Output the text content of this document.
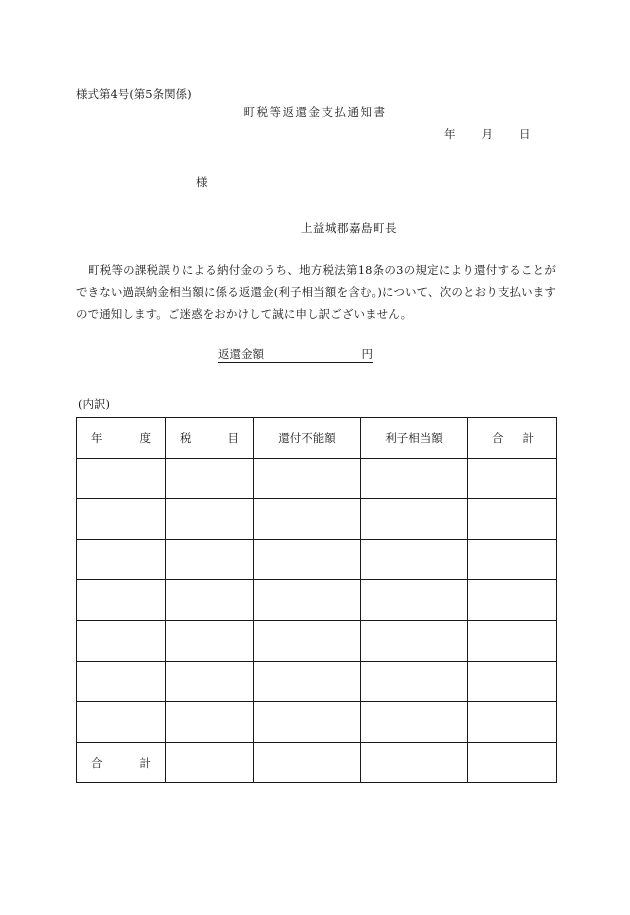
様式第4号(第5条関係)
町税等返還金支払通知書
年 月 日
様
上益城郡嘉島町長
町税等の課税誤りによる納付金のうち、地方税法第18条の3の規定により還付することができない過誤納金相当額に係る返還金(利子相当額を含む。)について、次のとおり支払いますので通知します。ご迷惑をおかけして誠に申し訳ございません。
返還金額	円
(内訳)
年 度	税 目	還付不能額	利子相当額	合 計

合 計				
